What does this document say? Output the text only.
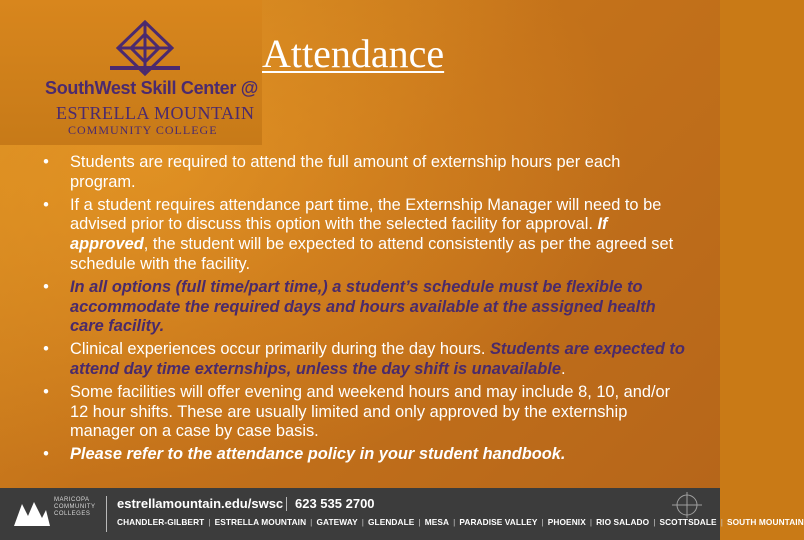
SouthWest Skill Center @
ESTRELLA MOUNTAIN
COMMUNITY COLLEGE
Attendance
• Students are required to attend the full amount of externship hours per each program.
• If a student requires attendance part time, the Externship Manager will need to be advised prior to discuss this option with the selected facility for approval. If approved, the student will be expected to attend consistently as per the agreed set schedule with the facility.
• In all options (full time/part time,) a student’s schedule must be flexible to accommodate the required days and hours available at the assigned health care facility.
• Clinical experiences occur primarily during the day hours. Students are expected to attend day time externships, unless the day shift is unavailable.
• Some facilities will offer evening and weekend hours and may include 8, 10, and/or 12 hour shifts. These are usually limited and only approved by the externship manager on a case by case basis.
• Please refer to the attendance policy in your student handbook.
MARICOPA
COMMUNITY
COLLEGES
estrellamountain.edu/swsc 623 535 2700
CHANDLER-GILBERT | ESTRELLA MOUNTAIN | GATEWAY | GLENDALE | MESA | PARADISE VALLEY | PHOENIX | RIO SALADO | SCOTTSDALE | SOUTH MOUNTAIN
